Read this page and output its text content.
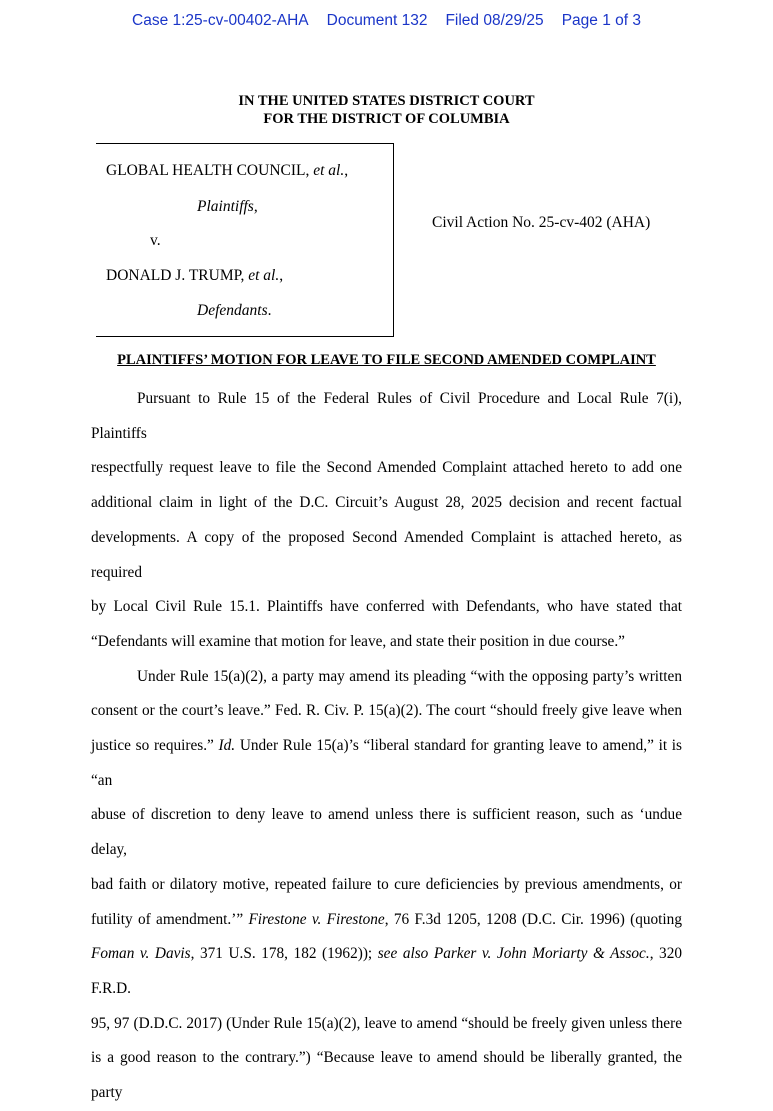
Case 1:25-cv-00402-AHA Document 132 Filed 08/29/25 Page 1 of 3
IN THE UNITED STATES DISTRICT COURT
FOR THE DISTRICT OF COLUMBIA
GLOBAL HEALTH COUNCIL, et al.,
Plaintiffs,
v.
DONALD J. TRUMP, et al.,
Defendants.
Civil Action No. 25-cv-402 (AHA)
PLAINTIFFS’ MOTION FOR LEAVE TO FILE SECOND AMENDED COMPLAINT

Pursuant to Rule 15 of the Federal Rules of Civil Procedure and Local Rule 7(i), Plaintiffs
respectfully request leave to file the Second Amended Complaint attached hereto to add one
additional claim in light of the D.C. Circuit’s August 28, 2025 decision and recent factual
developments. A copy of the proposed Second Amended Complaint is attached hereto, as required
by Local Civil Rule 15.1. Plaintiffs have conferred with Defendants, who have stated that
“Defendants will examine that motion for leave, and state their position in due course.”

Under Rule 15(a)(2), a party may amend its pleading “with the opposing party’s written
consent or the court’s leave.” Fed. R. Civ. P. 15(a)(2). The court “should freely give leave when
justice so requires.” Id. Under Rule 15(a)’s “liberal standard for granting leave to amend,” it is “an
abuse of discretion to deny leave to amend unless there is sufficient reason, such as ‘undue delay,
bad faith or dilatory motive, repeated failure to cure deficiencies by previous amendments, or
futility of amendment.’” Firestone v. Firestone, 76 F.3d 1205, 1208 (D.C. Cir. 1996) (quoting
Foman v. Davis, 371 U.S. 178, 182 (1962)); see also Parker v. John Moriarty & Assoc., 320 F.R.D.
95, 97 (D.D.C. 2017) (Under Rule 15(a)(2), leave to amend “should be freely given unless there
is a good reason to the contrary.”) “Because leave to amend should be liberally granted, the party
